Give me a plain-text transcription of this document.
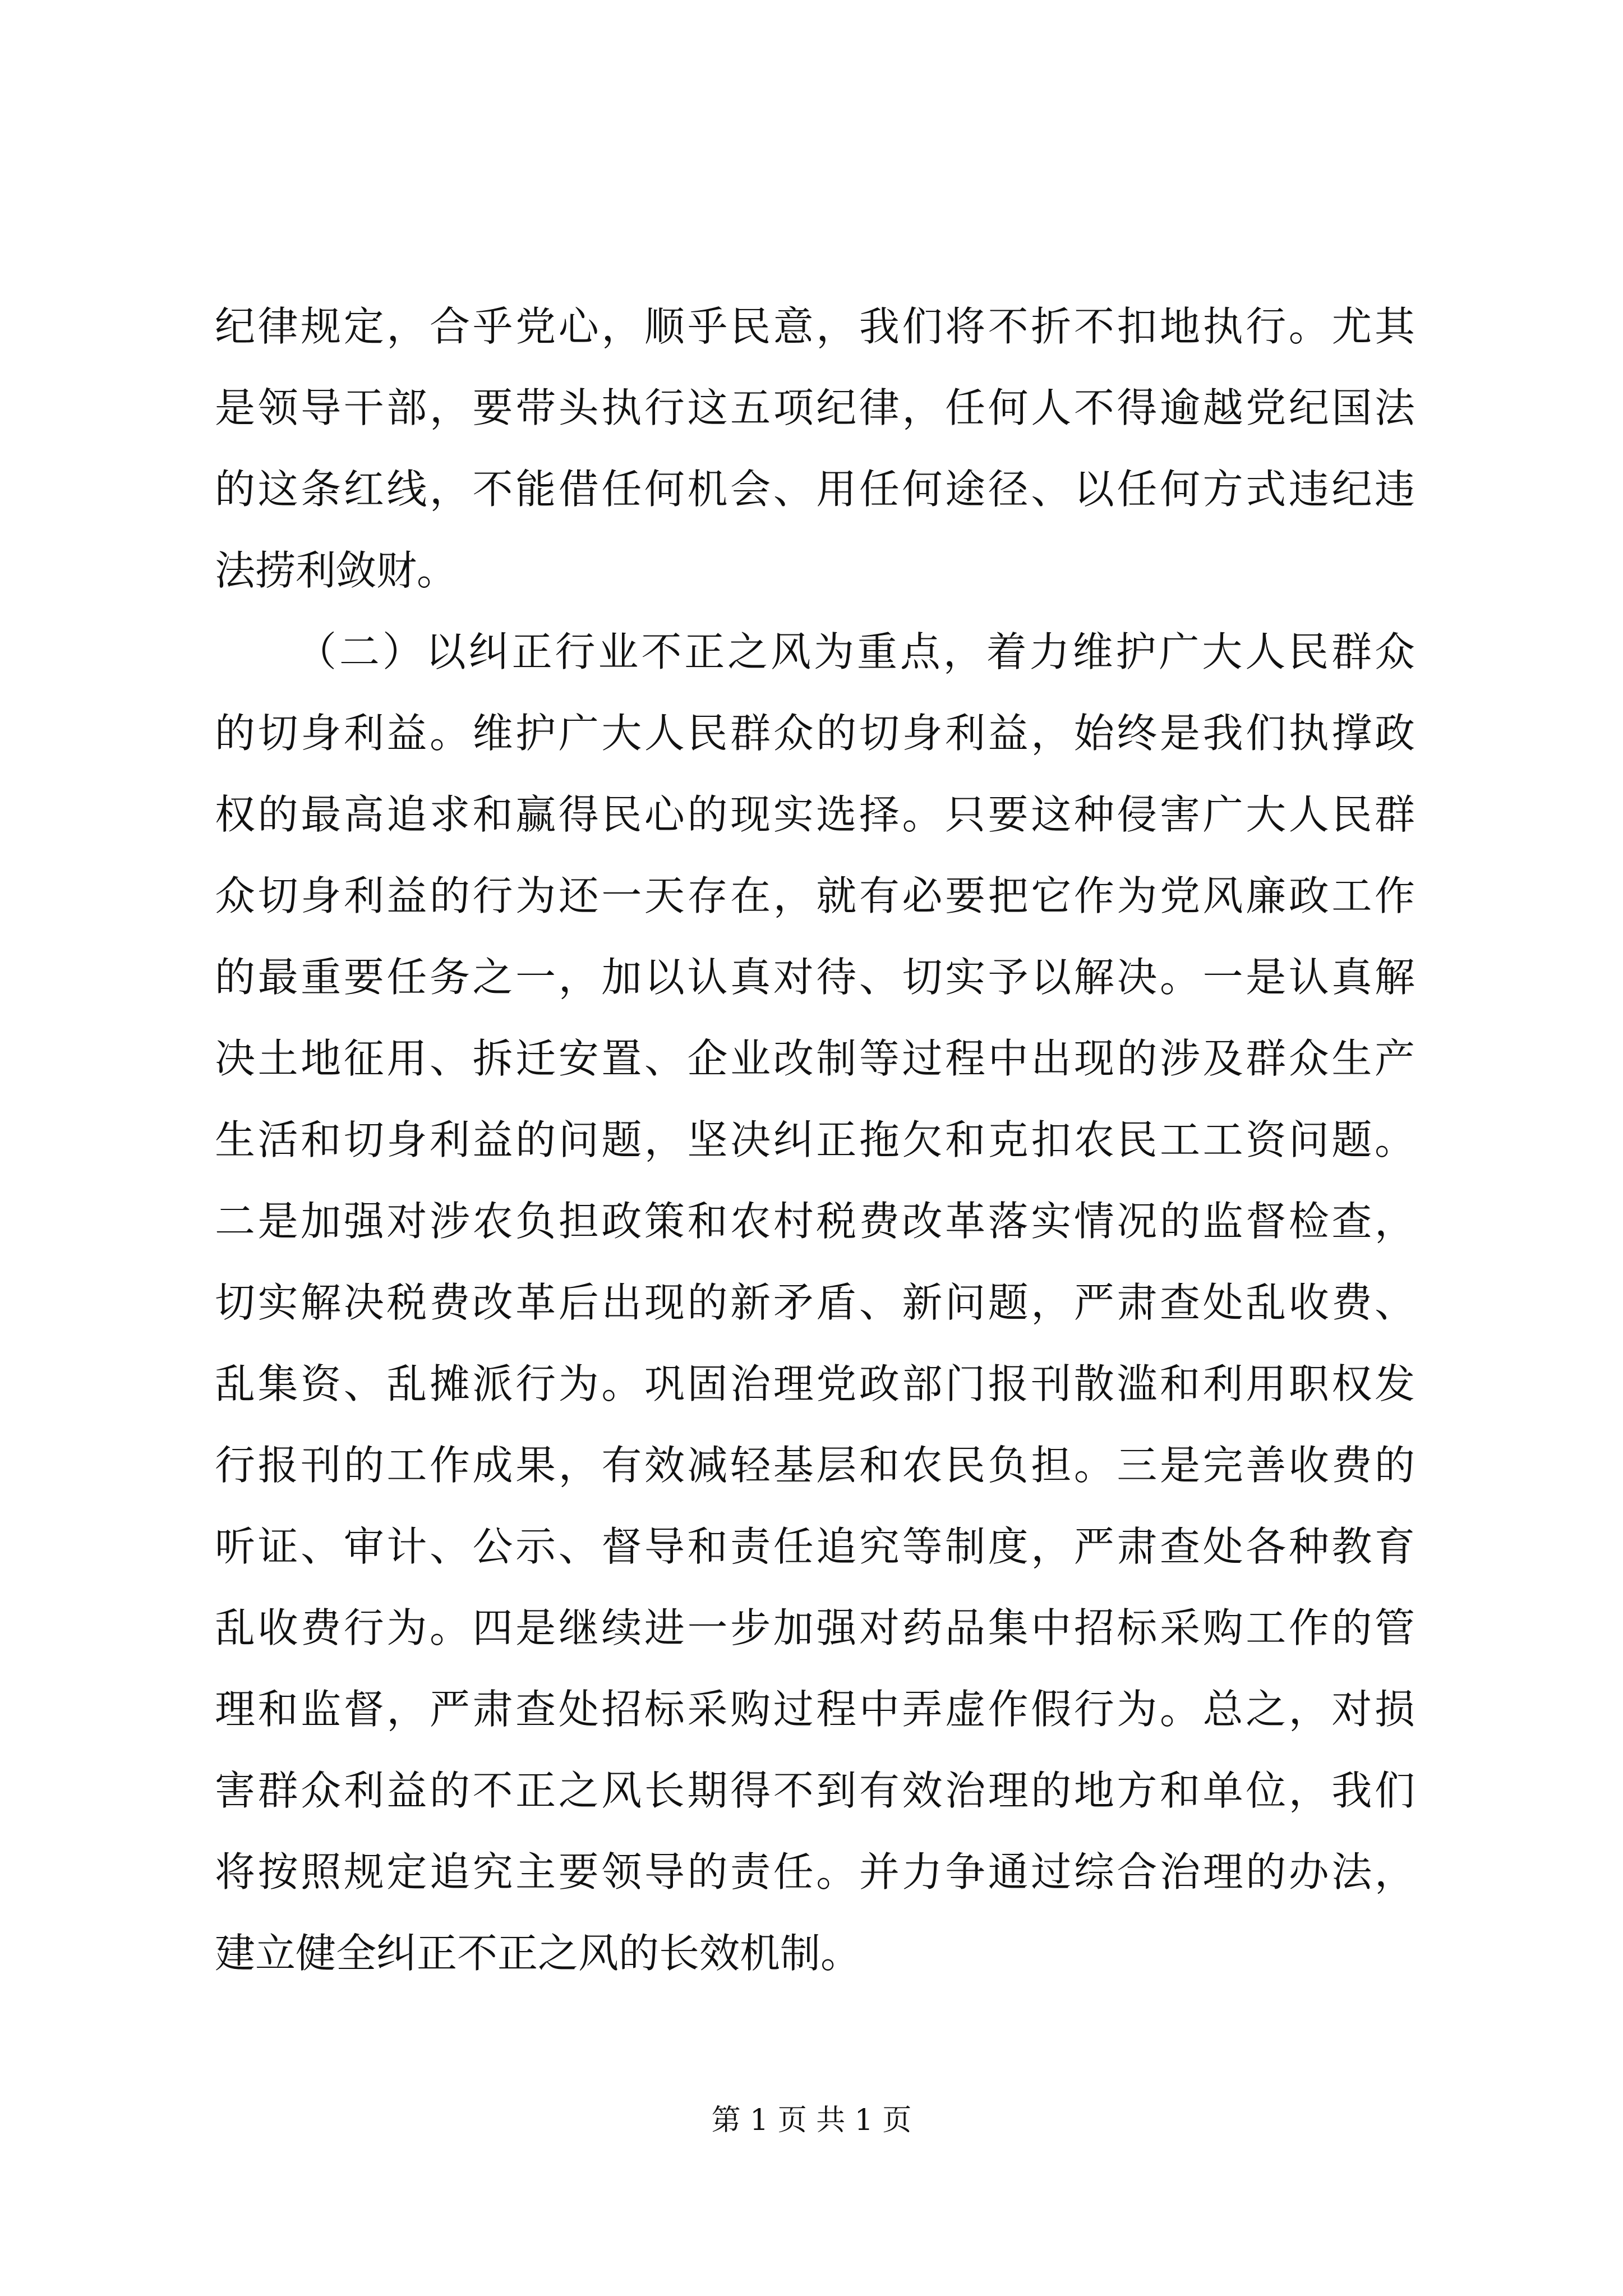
纪律规定，合乎党心，顺乎民意，我们将不折不扣地执行。尤其
是领导干部，要带头执行这五项纪律，任何人不得逾越党纪国法
的这条红线，不能借任何机会、用任何途径、以任何方式违纪违
法捞利敛财。
（二）以纠正行业不正之风为重点，着力维护广大人民群众
的切身利益。维护广大人民群众的切身利益，始终是我们执撑政
权的最高追求和赢得民心的现实选择。只要这种侵害广大人民群
众切身利益的行为还一天存在，就有必要把它作为党风廉政工作
的最重要任务之一，加以认真对待、切实予以解决。一是认真解
决土地征用、拆迁安置、企业改制等过程中出现的涉及群众生产
生活和切身利益的问题，坚决纠正拖欠和克扣农民工工资问题。
二是加强对涉农负担政策和农村税费改革落实情况的监督检查，
切实解决税费改革后出现的新矛盾、新问题，严肃查处乱收费、
乱集资、乱摊派行为。巩固治理党政部门报刊散滥和利用职权发
行报刊的工作成果，有效减轻基层和农民负担。三是完善收费的
听证、审计、公示、督导和责任追究等制度，严肃查处各种教育
乱收费行为。四是继续进一步加强对药品集中招标采购工作的管
理和监督，严肃查处招标采购过程中弄虚作假行为。总之，对损
害群众利益的不正之风长期得不到有效治理的地方和单位，我们
将按照规定追究主要领导的责任。并力争通过综合治理的办法，
建立健全纠正不正之风的长效机制。
第 1 页 共 1 页
